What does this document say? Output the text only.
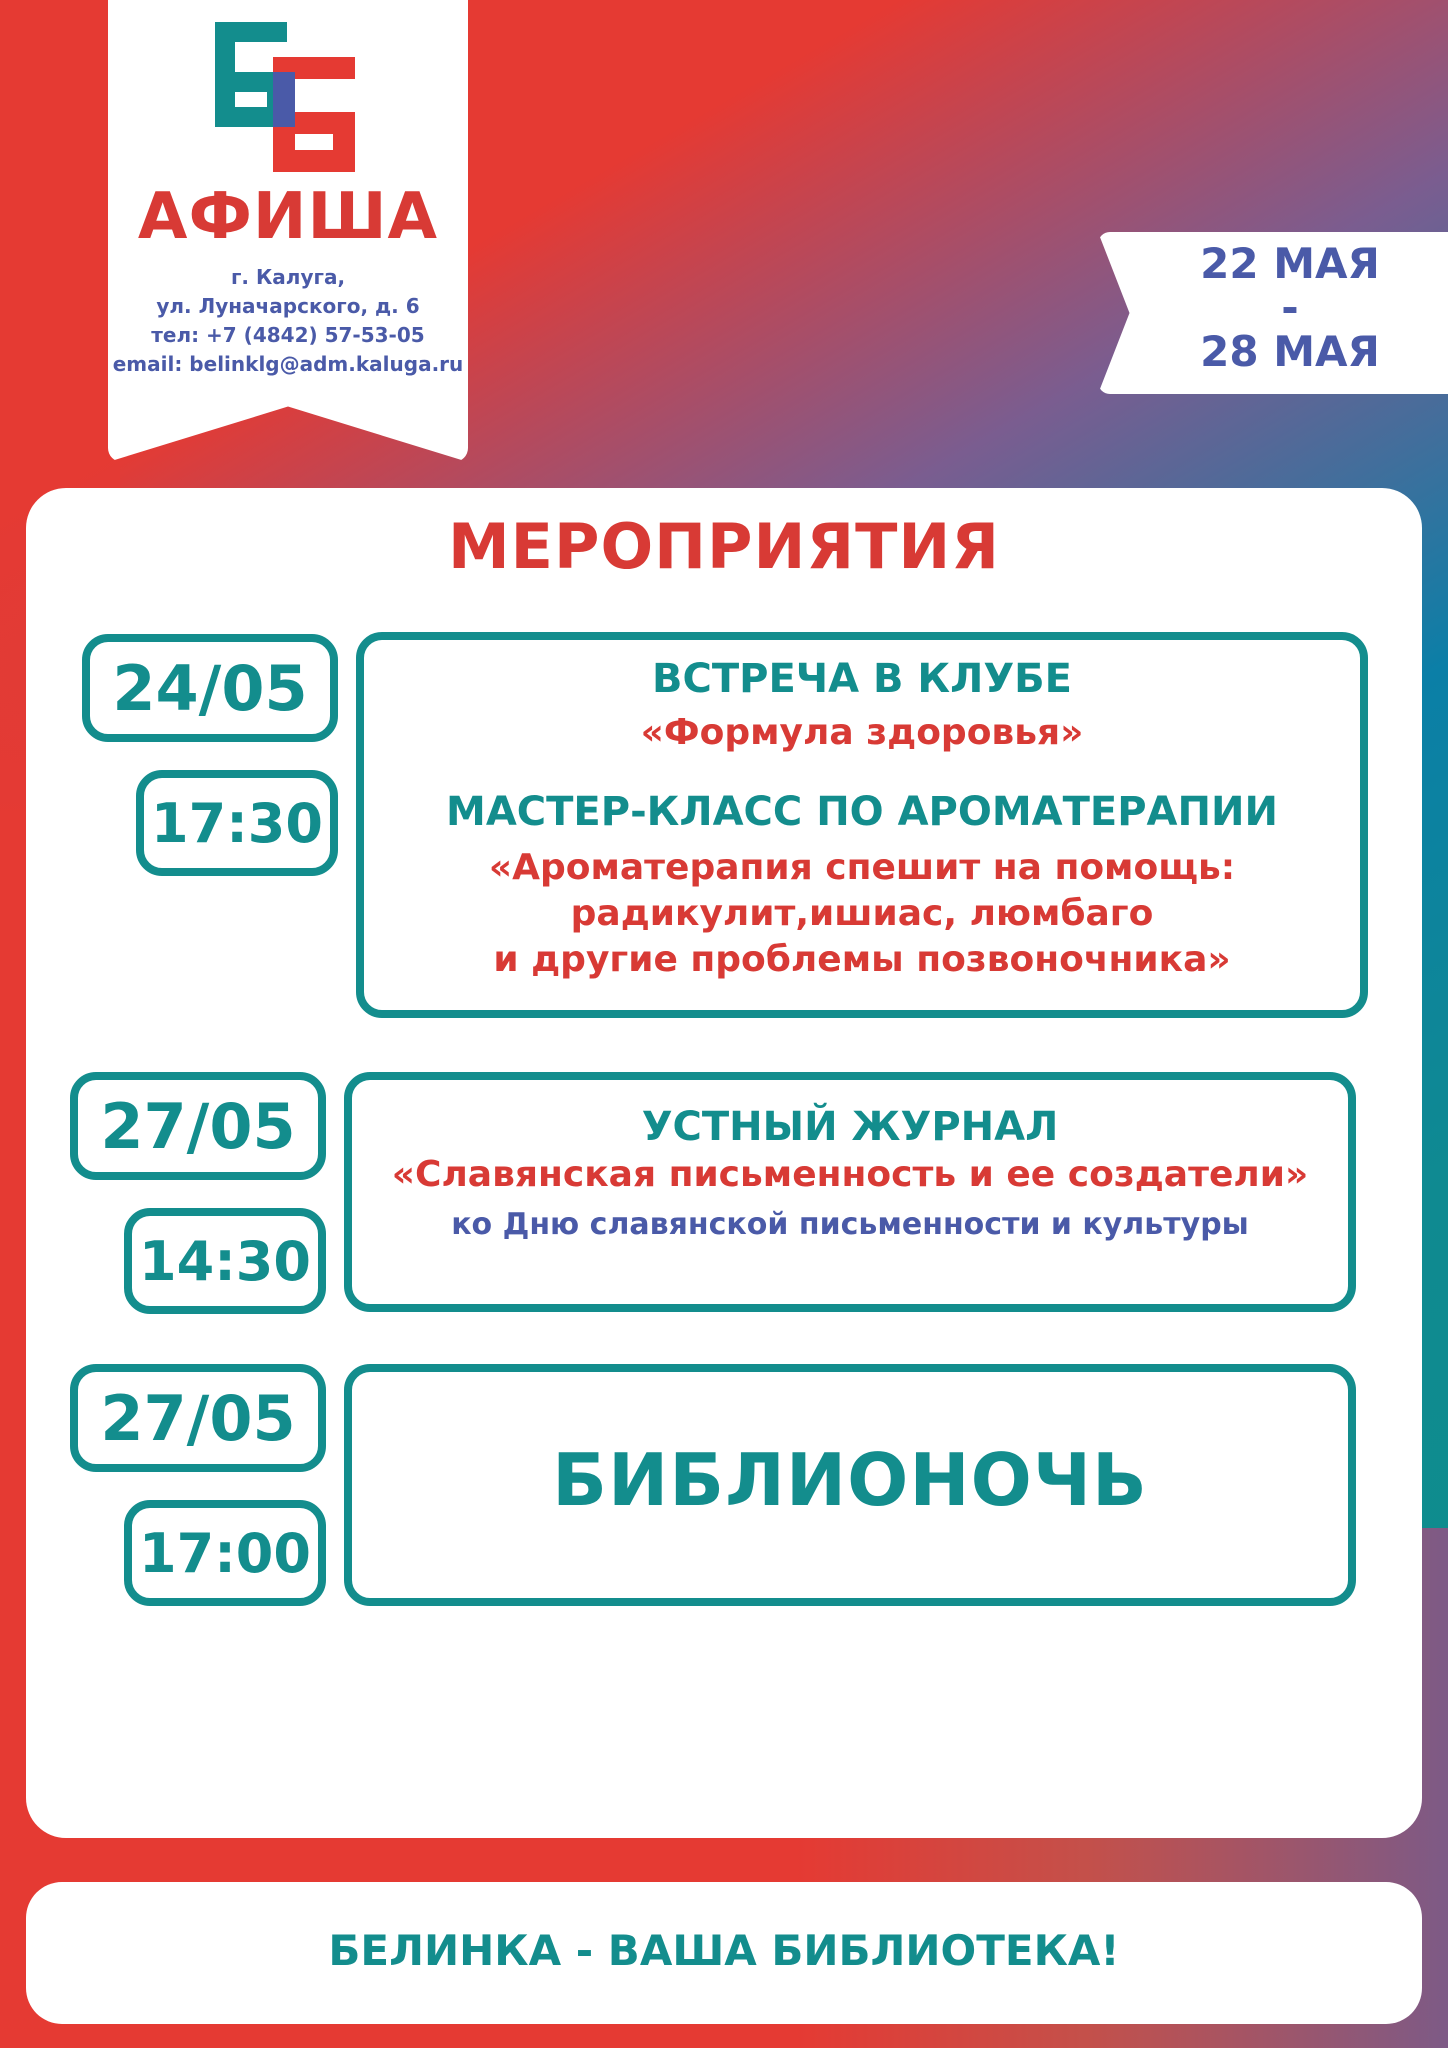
АФИША
г. Калуга,
ул. Луначарского, д. 6
тел: +7 (4842) 57-53-05
email: belinklg@adm.kaluga.ru
22 МАЯ
-
28 МАЯ
МЕРОПРИЯТИЯ
24/05
17:30
ВСТРЕЧА В КЛУБЕ
«Формула здоровья»
МАСТЕР-КЛАСС ПО АРОМАТЕРАПИИ
«Ароматерапия спешит на помощь:
радикулит,ишиас, люмбаго
и другие проблемы позвоночника»
27/05
14:30
УСТНЫЙ ЖУРНАЛ
«Славянская письменность и ее создатели»
ко Дню славянской письменности и культуры
27/05
17:00
БИБЛИОНОЧЬ
БЕЛИНКА - ВАША БИБЛИОТЕКА!
